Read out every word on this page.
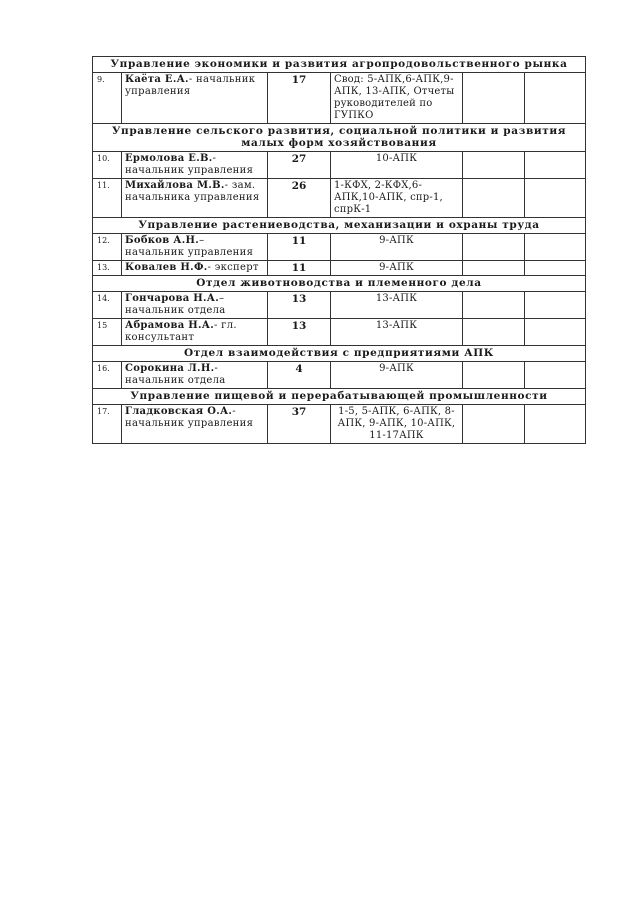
Управление экономики и развития агропродовольственного рынка					
9.	Каёта Е.А.- начальник управления	17	Свод: 5-АПК,6-АПК,9-АПК, 13-АПК, Отчеты руководителей по ГУПКО		
Управление сельского развития, социальной политики и развития малых форм хозяйствования					
10.	Ермолова Е.В.- начальник управления	27	10-АПК		
11.	Михайлова М.В.- зам. начальника управления	26	1-КФХ, 2-КФХ,6-АПК,10-АПК, спр-1, спрК-1		
Управление растениеводства, механизации и охраны труда					
12.	Бобков А.Н.– начальник управления	11	9-АПК		
13.	Ковалев Н.Ф.- эксперт	11	9-АПК		
Отдел животноводства и племенного дела					
14.	Гончарова Н.А.– начальник отдела	13	13-АПК		
15	Абрамова Н.А.- гл. консультант	13	13-АПК		
Отдел взаимодействия с предприятиями АПК					
16.	Сорокина Л.Н.- начальник отдела	4	9-АПК		
Управление пищевой и перерабатывающей промышленности					
17.	Гладковская О.А.- начальник управления	37	1-5, 5-АПК, 6-АПК, 8-АПК, 9-АПК, 10-АПК, 11-17АПК		
